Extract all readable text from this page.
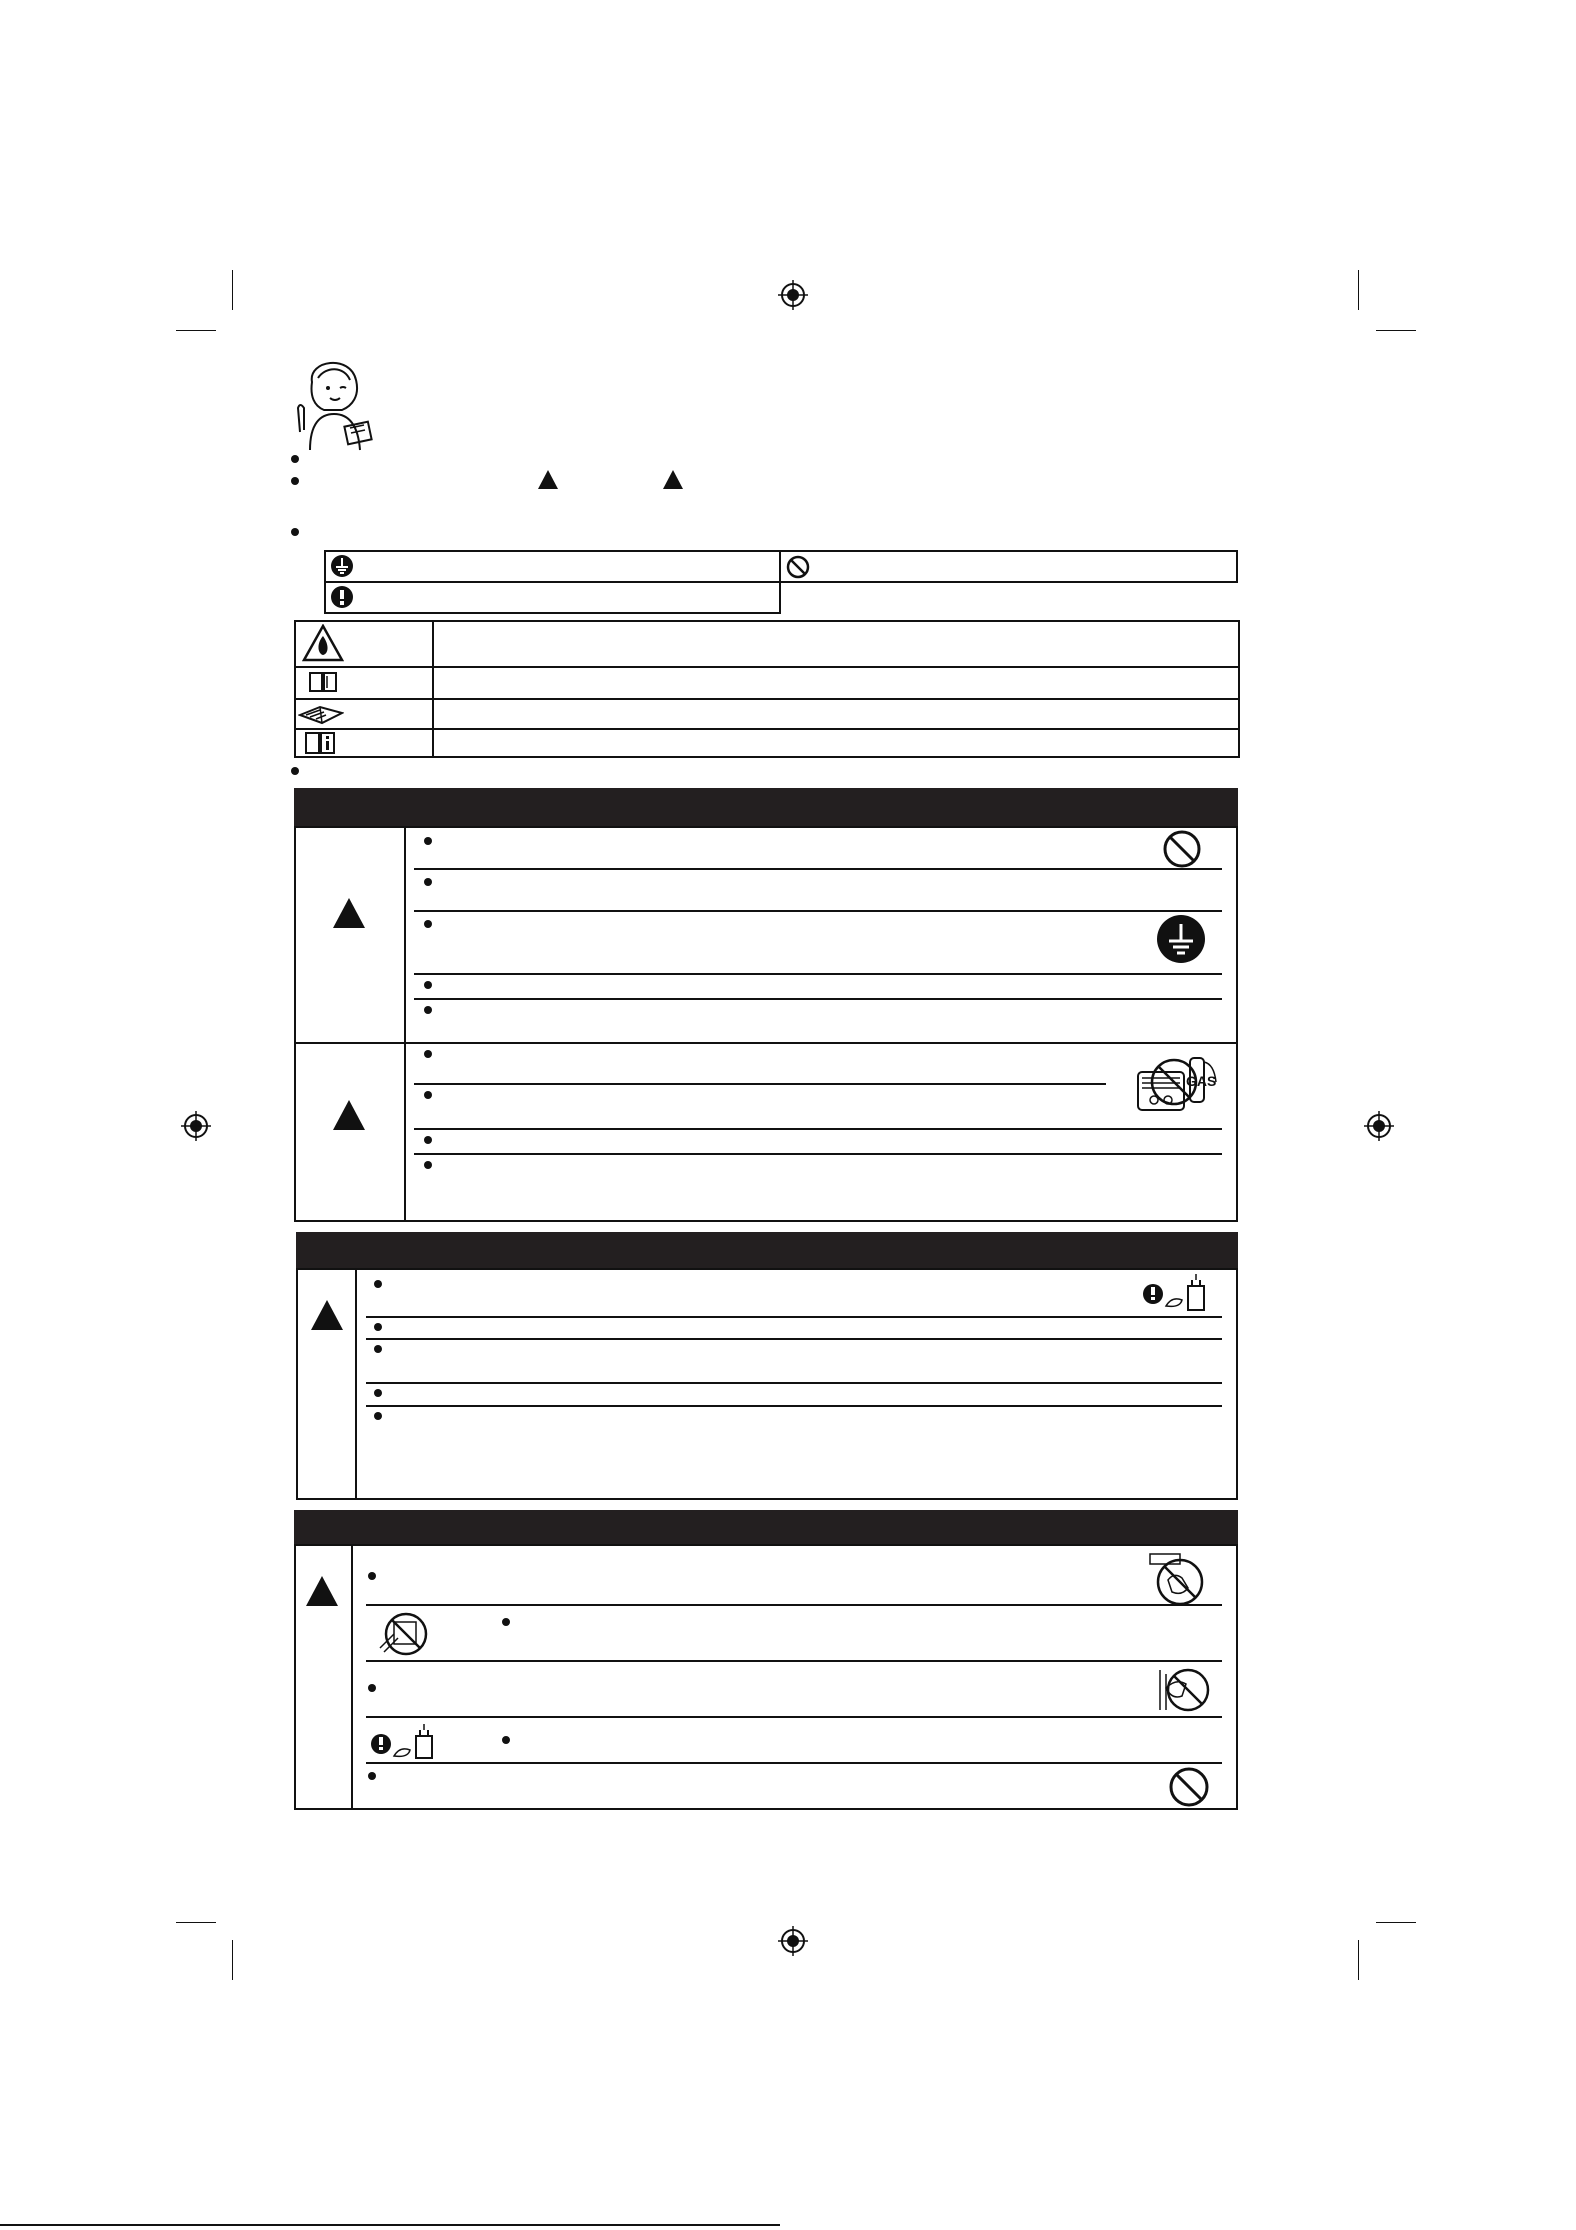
GAS
